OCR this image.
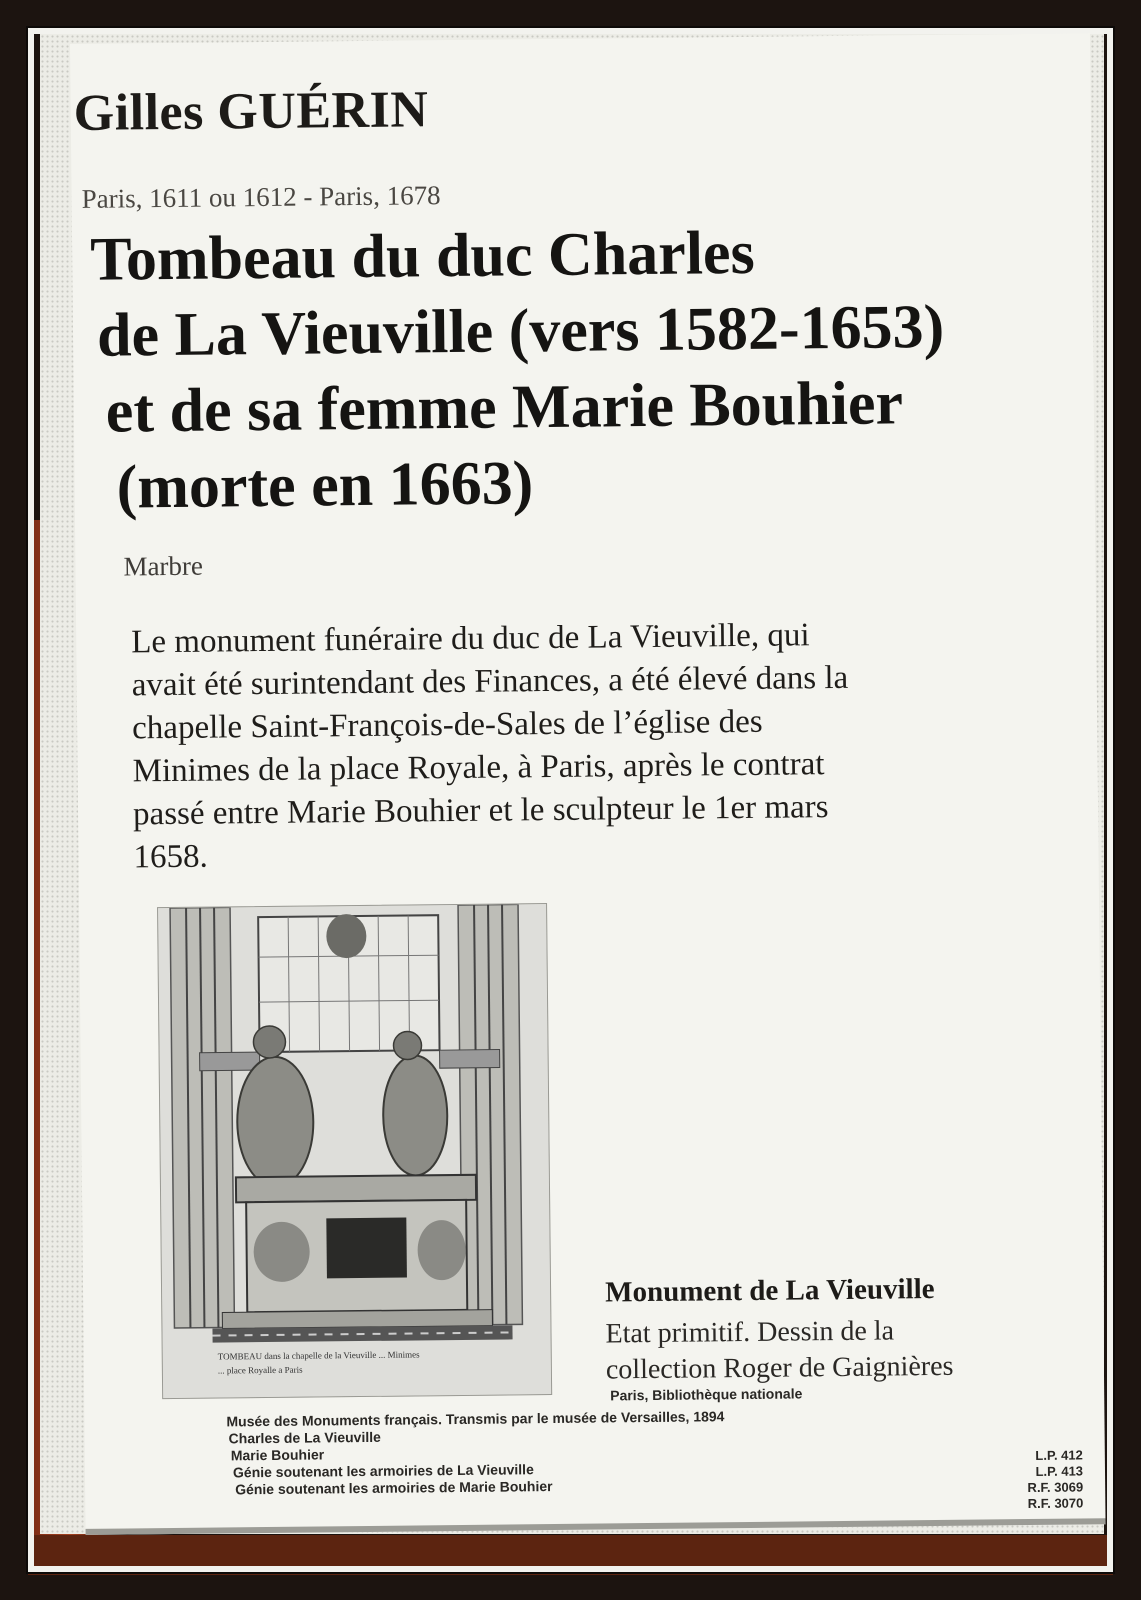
Gilles GUÉRIN
Paris, 1611 ou 1612 - Paris, 1678
Tombeau du duc Charles
de La Vieuville (vers 1582-1653)
et de sa femme Marie Bouhier
(morte en 1663)
Marbre

Le monument funéraire du duc de La Vieuville, qui
avait été surintendant des Finances, a été élevé dans la
chapelle Saint-François-de-Sales de l’église des
Minimes de la place Royale, à Paris, après le contrat
passé entre Marie Bouhier et le sculpteur le 1er mars
1658.

TOMBEAU dans la chapelle de la Vieuville ... Minimes
... place Royalle a Paris
Monument de La Vieuville
Etat primitif. Dessin de la
collection Roger de Gaignières
Paris, Bibliothèque nationale
Musée des Monuments français. Transmis par le musée de Versailles, 1894
Charles de La Vieuville
Marie Bouhier
Génie soutenant les armoiries de La Vieuville
Génie soutenant les armoiries de Marie Bouhier
L.P. 412
L.P. 413
R.F. 3069
R.F. 3070
